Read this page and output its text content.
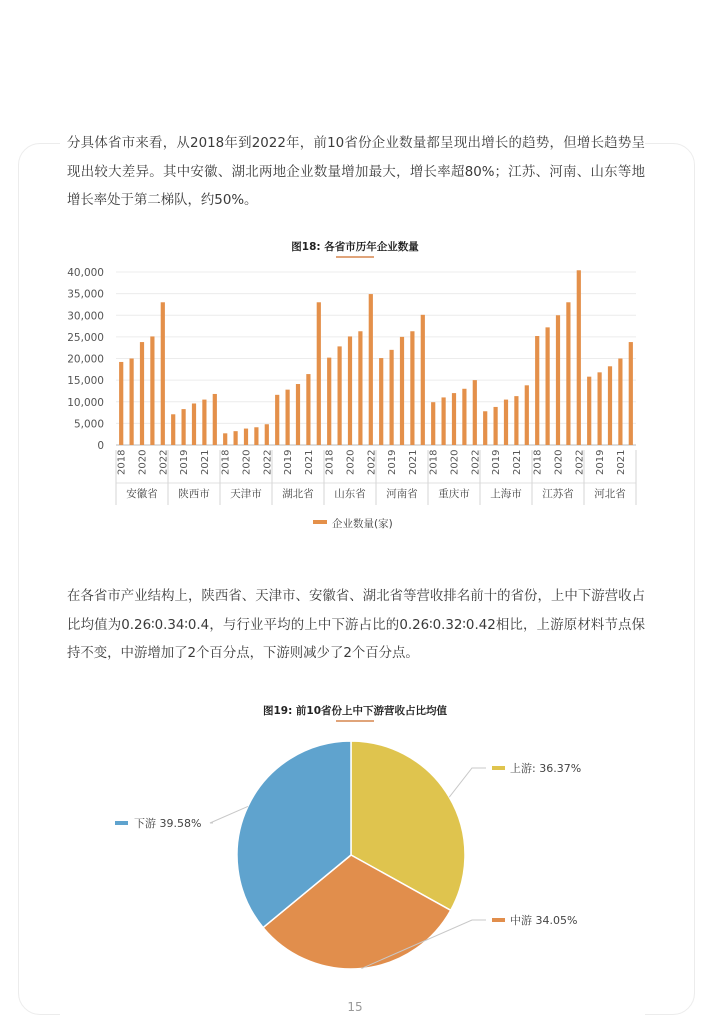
分具体省市来看，从2018年到2022年，前10省份企业数量都呈现出增长的趋势，但增长趋势呈现出较大差异。其中安徽、湖北两地企业数量增加最大，增长率超80%；江苏、河南、山东等地增长率处于第二梯队，约50%。

图18: 各省市历年企业数量
0
5,000
10,000
15,000
20,000
25,000
30,000
35,000
40,000
2018 2020 2022 2019 2021 2018 2020 2022 2019 2021 2018 2020 2022 2019 2021 2018 2020 2022 2019 2021 2018 2020 2022 2019 2021
安徽省 陕西市 天津市 湖北省 山东省 河南省 重庆市 上海市 江苏省 河北省
企业数量(家)

在各省市产业结构上，陕西省、天津市、安徽省、湖北省等营收排名前十的省份，上中下游营收占比均值为0.26∶0.34∶0.4，与行业平均的上中下游占比的0.26∶0.32∶0.42相比，上游原材料节点保持不变，中游增加了2个百分点，下游则减少了2个百分点。

图19: 前10省份上中下游营收占比均值
上游: 36.37%
中游 34.05%
下游 39.58%
15
